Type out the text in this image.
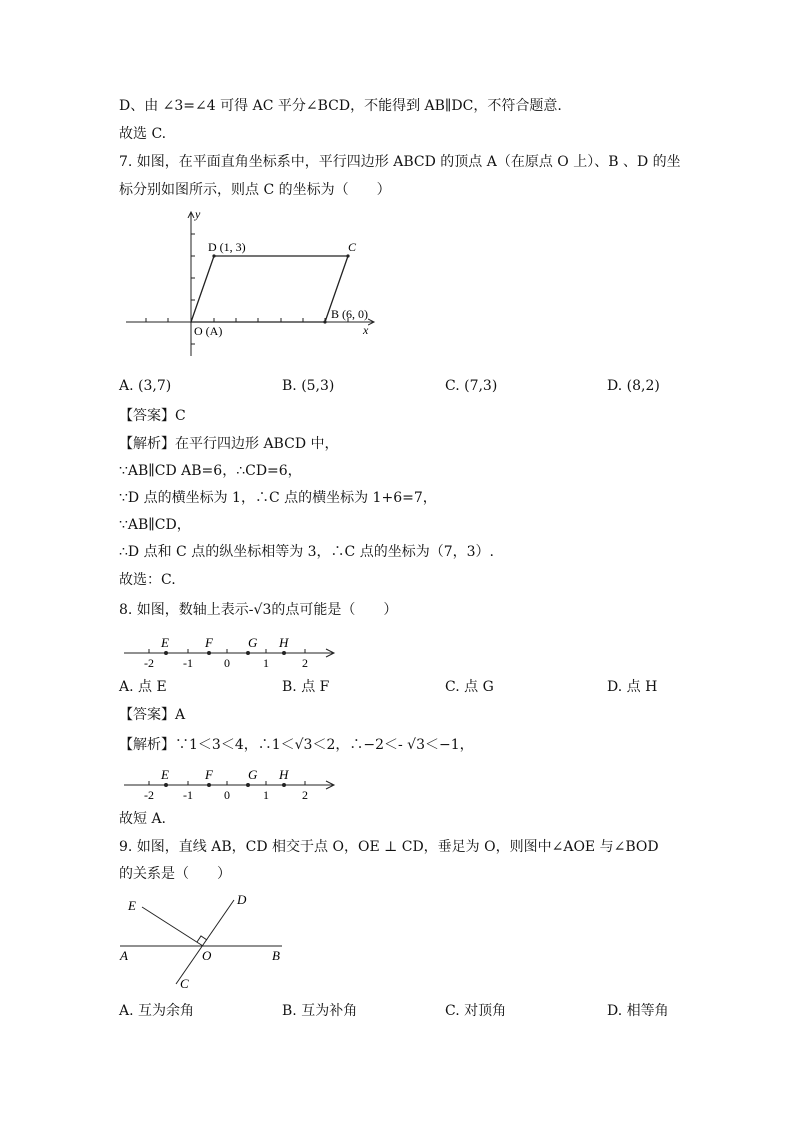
D、由 ∠3=∠4 可得 AC 平分∠BCD，不能得到 AB∥DC，不符合题意.
故选 C.
7. 如图，在平面直角坐标系中，平行四边形 ABCD 的顶点 A（在原点 O 上）、B 、D 的坐
标分别如图所示，则点 C 的坐标为（　　）
y
x
D (1, 3)	C
B (6, 0)
O (A)
A. (3,7)	B. (5,3)	C. (7,3)	D. (8,2)
【答案】C
【解析】在平行四边形 ABCD 中，
∵AB∥CD AB=6，∴CD=6，
∵D 点的横坐标为 1，∴C 点的横坐标为 1+6=7，
∵AB∥CD，
∴D 点和 C 点的纵坐标相等为 3，∴C 点的坐标为（7，3）.
故选：C.
8. 如图，数轴上表示-√3的点可能是（　　）
E	F	G H
-2 -1	0	1	2
A. 点 E	B. 点 F	C. 点 G	D. 点 H
【答案】A
【解析】∵1＜3＜4，∴1＜√3＜2，∴−2＜- √3＜−1，
E	F	G H
-2 -1	0	1	2
故短 A.
9. 如图，直线 AB，CD 相交于点 O，OE ⊥ CD，垂足为 O，则图中∠AOE 与∠BOD
的关系是（　　）
E	D
A	O	B
C
A. 互为余角	B. 互为补角	C. 对顶角	D. 相等角
